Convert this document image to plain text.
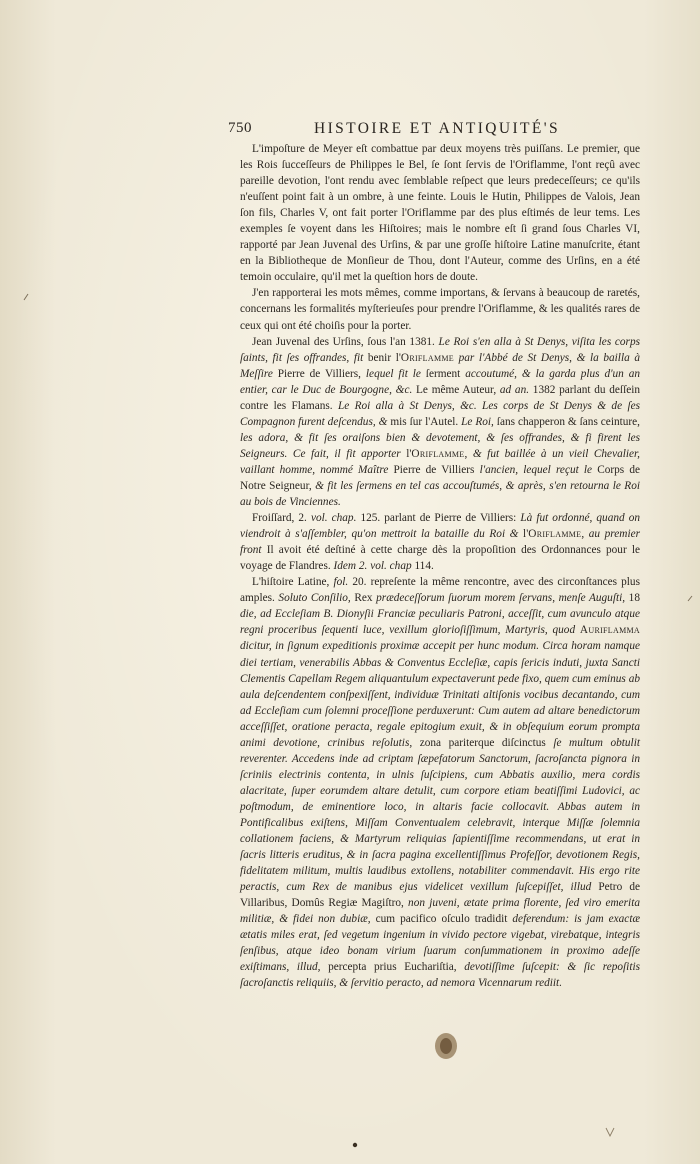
750	HISTOIRE ET ANTIQUITÉ'S

L'impoſture de Meyer eſt combattue par deux moyens très puiſſans. Le premier, que les Rois ſucceſſeurs de Philippes le Bel, ſe ſont ſervis de l'Oriflamme, l'ont reçû avec pareille devotion, l'ont rendu avec ſemblable reſpect que leurs predeceſſeurs; ce qu'ils n'euſſent point fait à un ombre, à une feinte. Louis le Hutin, Philippes de Valois, Jean ſon fils, Charles V, ont fait porter l'Oriflamme par des plus eſtimés de leur tems. Les exemples ſe voyent dans les Hiſtoires; mais le nombre eſt ſi grand ſous Charles VI, rapporté par Jean Juvenal des Urſins, & par une groſſe hiſtoire Latine manuſcrite, étant en la Bibliotheque de Monſieur de Thou, dont l'Auteur, comme des Urſins, en a été temoin occulaire, qu'il met la queſtion hors de doute.

J'en rapporterai les mots mêmes, comme importans, & ſervans à beaucoup de raretés, concernans les formalités myſterieuſes pour prendre l'Oriflamme, & les qualités rares de ceux qui ont été choiſis pour la porter.

Jean Juvenal des Urſins, ſous l'an 1381. Le Roi s'en alla à St Denys, viſita les corps ſaints, fit ſes offrandes, fit benir l'Oriflamme par l'Abbé de St Denys, & la bailla à Meſſire Pierre de Villiers, lequel fit le ſerment accoutumé, & la garda plus d'un an entier, car le Duc de Bourgogne, &c. Le même Auteur, ad an. 1382 parlant du deſſein contre les Flamans. Le Roi alla à St Denys, &c. Les corps de St Denys & de ſes Compagnon furent deſcendus, & mis ſur l'Autel. Le Roi, ſans chapperon & ſans ceinture, les adora, & fit ſes oraiſons bien & devotement, & ſes offrandes, & fi firent les Seigneurs. Ce fait, il fit apporter l'Oriflamme, & fut baillée à un vieil Chevalier, vaillant homme, nommé Maître Pierre de Villiers l'ancien, lequel reçut le Corps de Notre Seigneur, & fit les ſermens en tel cas accouſtumés, & après, s'en retourna le Roi au bois de Vinciennes.

Froiſſard, 2. vol. chap. 125. parlant de Pierre de Villiers: Là fut ordonné, quand on viendroit à s'aſſembler, qu'on mettroit la bataille du Roi & l'Oriflamme, au premier front Il avoit été deſtiné à cette charge dès la propoſition des Ordonnances pour le voyage de Flandres. Idem 2. vol. chap 114.

L'hiſtoire Latine, fol. 20. repreſente la même rencontre, avec des circonſtances plus amples. Soluto Conſilio, Rex prædeceſſorum ſuorum morem ſervans, menſe Auguſti, 18 die, ad Eccleſiam B. Dionyſii Franciæ peculiaris Patroni, acceſſit, cum avunculo atque regni proceribus ſequenti luce, vexillum glorioſiſſimum, Martyris, quod Auriflamma dicitur, in ſignum expeditionis proximæ accepit per hunc modum. Circa horam namque diei tertiam, venerabilis Abbas & Conventus Eccleſiæ, capis ſericis induti, juxta Sancti Clementis Capellam Regem aliquantulum expectaverunt pede fixo, quem cum eminus ab aula deſcendentem conſpexiſſent, individuæ Trinitati altiſonis vocibus decantando, cum ad Eccleſiam cum ſolemni proceſſione perduxerunt: Cum autem ad altare benedictorum acceſſiſſet, oratione peracta, regale epitogium exuit, & in obſequium eorum prompta animi devotione, crinibus reſolutis, zona pariterque diſcinctus ſe multum obtulit reverenter. Accedens inde ad criptam ſæpefatorum Sanctorum, ſacroſancta pignora in ſcriniis electrinis contenta, in ulnis ſuſcipiens, cum Abbatis auxilio, mera cordis alacritate, ſuper eorumdem altare detulit, cum corpore etiam beatiſſimi Ludovici, ac poſtmodum, de eminentiore loco, in altaris facie collocavit. Abbas autem in Pontificalibus exiſtens, Miſſam Conventualem celebravit, interque Miſſæ ſolemnia collationem faciens, & Martyrum reliquias ſapientiſſime recommendans, ut erat in ſacris litteris eruditus, & in ſacra pagina excellentiſſimus Profeſſor, devotionem Regis, fidelitatem militum, multis laudibus extollens, notabiliter commendavit. His ergo rite peractis, cum Rex de manibus ejus videlicet vexillum ſuſcepiſſet, illud Petro de Villaribus, Domûs Regiæ Magiſtro, non juveni, ætate prima florente, ſed viro emerita militiæ, & fidei non dubiæ, cum pacifico oſculo tradidit deferendum: is jam exactæ ætatis miles erat, ſed vegetum ingenium in vivido pectore vigebat, virebatque, integris ſenſibus, atque ideo bonam virium ſuarum conſummationem in proximo adeſſe exiſtimans, illud, percepta prius Euchariſtia, devotiſſime ſuſcepit: & ſic repoſitis ſacroſanctis reliquiis, & ſervitio peracto, ad nemora Vicennarum rediit.
